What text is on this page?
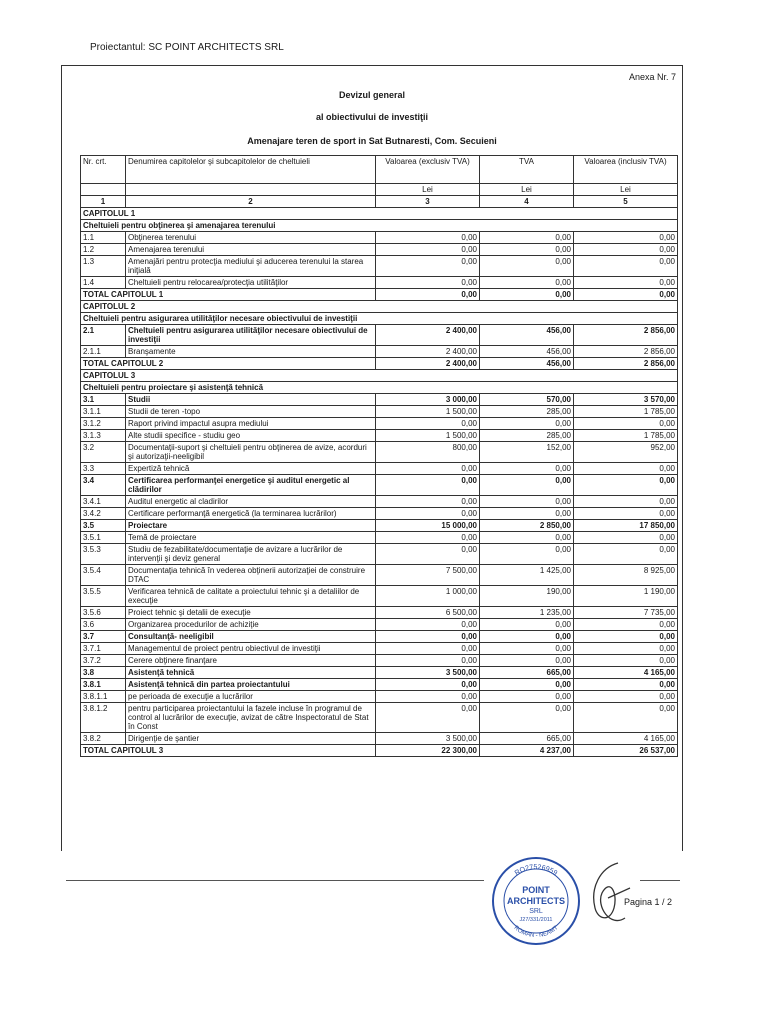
Proiectantul: SC POINT ARCHITECTS SRL
Anexa Nr. 7
Devizul general
al obiectivului de investiţii
Amenajare teren de sport in Sat Butnaresti, Com. Secuieni
Nr. crt.	Denumirea capitolelor şi subcapitolelor de cheltuieli	Valoarea (exclusiv TVA)	TVA	Valoarea (inclusiv TVA)
		Lei	Lei	Lei
1	2	3	4	5
CAPITOLUL 1				
Cheltuieli pentru obţinerea şi amenajarea terenului				
1.1	Obţinerea terenului	0,00	0,00	0,00
1.2	Amenajarea terenului	0,00	0,00	0,00
1.3	Amenajări pentru protecţia mediului şi aducerea terenului la starea iniţială	0,00	0,00	0,00
1.4	Cheltuieli pentru relocarea/protecţia utilităţilor	0,00	0,00	0,00
TOTAL CAPITOLUL 1		0,00	0,00	0,00
CAPITOLUL 2				
Cheltuieli pentru asigurarea utilităţilor necesare obiectivului de investiţii				
2.1	Cheltuieli pentru asigurarea utilităţilor necesare obiectivului de investiţii	2 400,00	456,00	2 856,00
2.1.1	Branşamente	2 400,00	456,00	2 856,00
TOTAL CAPITOLUL 2		2 400,00	456,00	2 856,00
CAPITOLUL 3				
Cheltuieli pentru proiectare şi asistenţă tehnică				
3.1	Studii	3 000,00	570,00	3 570,00
3.1.1	Studii de teren -topo	1 500,00	285,00	1 785,00
3.1.2	Raport privind impactul asupra mediului	0,00	0,00	0,00
3.1.3	Alte studii specifice - studiu geo	1 500,00	285,00	1 785,00
3.2	Documentaţii-suport şi cheltuieli pentru obţinerea de avize, acorduri şi autorizaţii-neeligibil	800,00	152,00	952,00
3.3	Expertiză tehnică	0,00	0,00	0,00
3.4	Certificarea performanţei energetice şi auditul energetic al clădirilor	0,00	0,00	0,00
3.4.1	Auditul energetic al cladirilor	0,00	0,00	0,00
3.4.2	Certificare performanţă energetică (la terminarea lucrărilor)	0,00	0,00	0,00
3.5	Proiectare	15 000,00	2 850,00	17 850,00
3.5.1	Temă de proiectare	0,00	0,00	0,00
3.5.3	Studiu de fezabilitate/documentaţie de avizare a lucrărilor de intervenţii şi deviz general	0,00	0,00	0,00
3.5.4	Documentaţia tehnică în vederea obţinerii autorizaţiei de construire DTAC	7 500,00	1 425,00	8 925,00
3.5.5	Verificarea tehnică de calitate a proiectului tehnic şi a detaliilor de execuţie	1 000,00	190,00	1 190,00
3.5.6	Proiect tehnic şi detalii de execuţie	6 500,00	1 235,00	7 735,00
3.6	Organizarea procedurilor de achiziţie	0,00	0,00	0,00
3.7	Consultanţă- neeligibil	0,00	0,00	0,00
3.7.1	Managementul de proiect pentru obiectivul de investiţii	0,00	0,00	0,00
3.7.2	Cerere obţinere finanţare	0,00	0,00	0,00
3.8	Asistenţă tehnică	3 500,00	665,00	4 165,00
3.8.1	Asistenţă tehnică din partea proiectantului	0,00	0,00	0,00
3.8.1.1	pe perioada de execuţie a lucrărilor	0,00	0,00	0,00
3.8.1.2	pentru participarea proiectantului la fazele incluse în programul de control al lucrărilor de execuţie, avizat de către Inspectoratul de Stat în Const	0,00	0,00	0,00
3.8.2	Dirigenţie de şantier	3 500,00	665,00	4 165,00
TOTAL CAPITOLUL 3		22 300,00	4 237,00	26 537,00
RO27526959
ROMAN - NEAMT
POINT
ARCHITECTS
SRL
J27/331/2011
Pagina 1 / 2
